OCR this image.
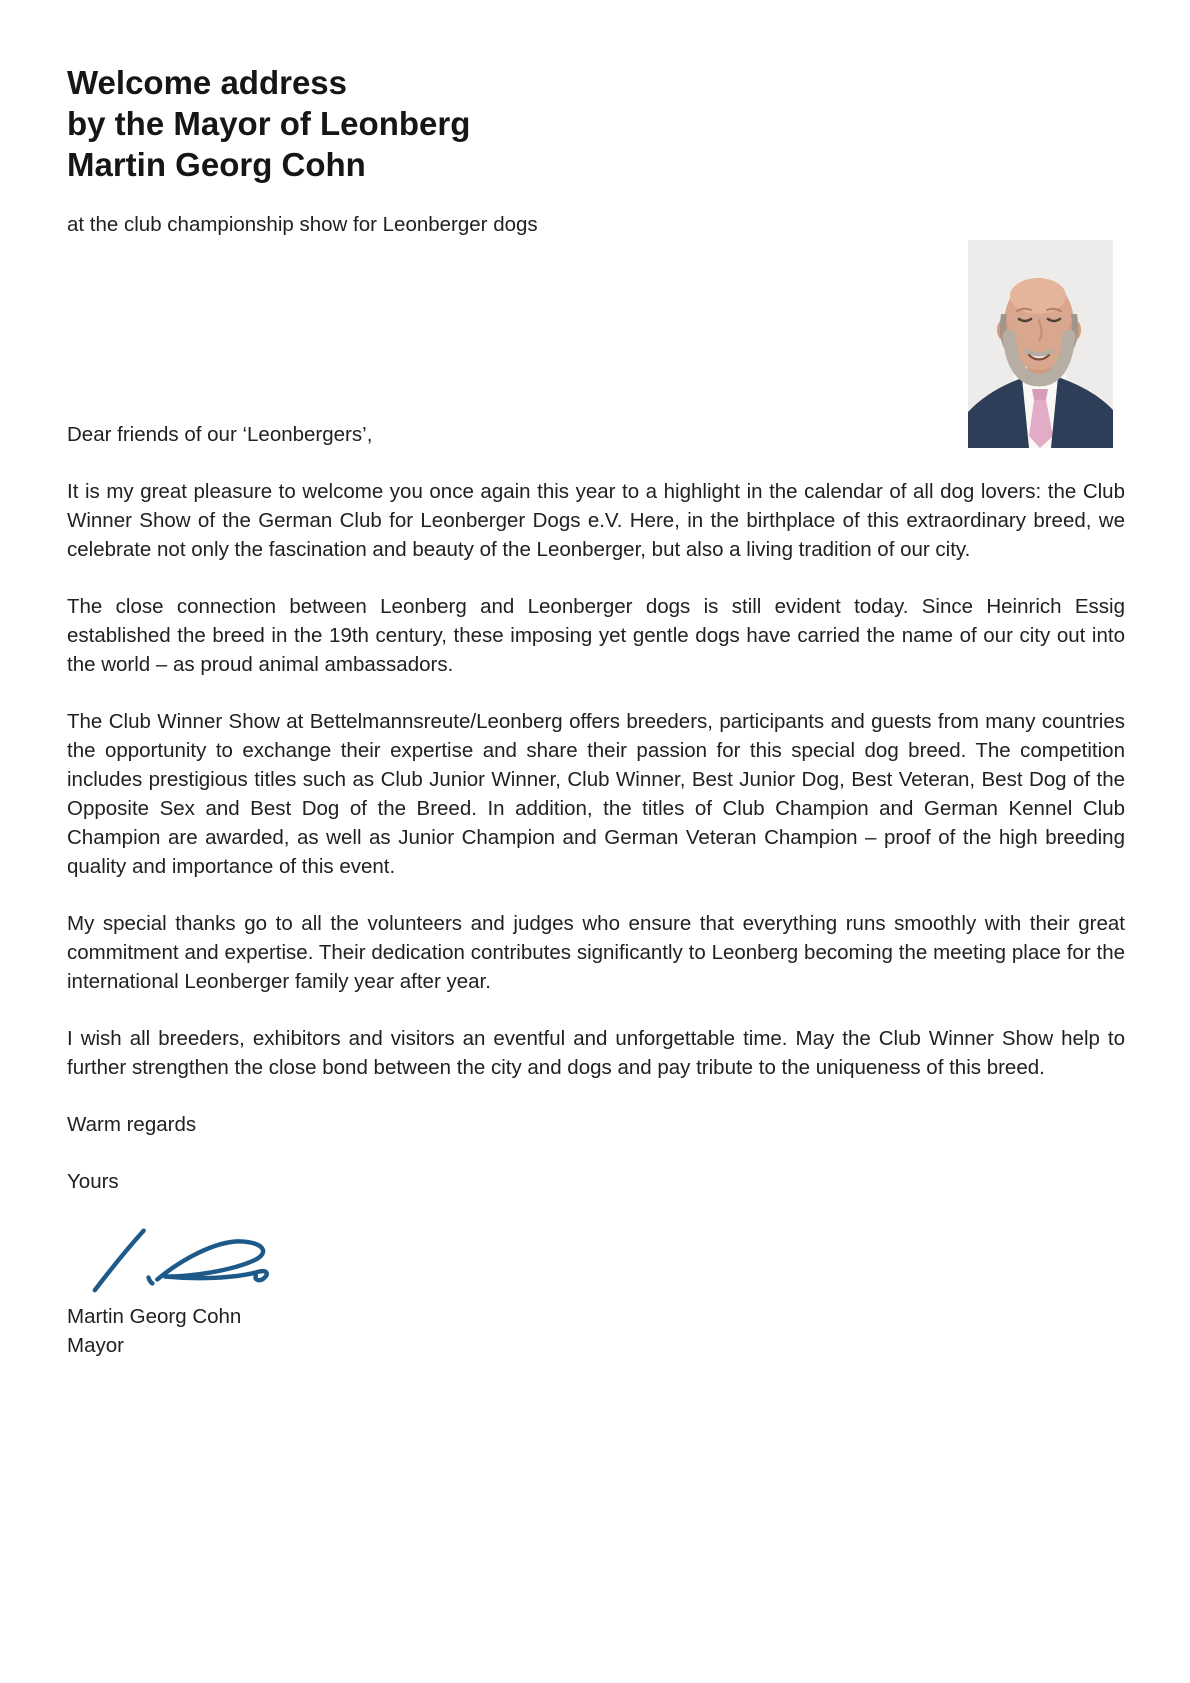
Welcome address
by the Mayor of Leonberg
Martin Georg Cohn

at the club championship show for Leonberger dogs

Dear friends of our ‘Leonbergers’,

It is my great pleasure to welcome you once again this year to a highlight in the calendar of all dog lovers: the Club Winner Show of the German Club for Leonberger Dogs e.V. Here, in the birthplace of this extraordinary breed, we celebrate not only the fascination and beauty of the Leonberger, but also a living tradition of our city.

The close connection between Leonberg and Leonberger dogs is still evident today. Since Heinrich Essig established the breed in the 19th century, these imposing yet gentle dogs have carried the name of our city out into the world – as proud animal ambassadors.

The Club Winner Show at Bettelmannsreute/Leonberg offers breeders, participants and guests from many countries the opportunity to exchange their expertise and share their passion for this special dog breed. The competition includes prestigious titles such as Club Junior Winner, Club Winner, Best Junior Dog, Best Veteran, Best Dog of the Opposite Sex and Best Dog of the Breed. In addition, the titles of Club Champion and German Kennel Club Champion are awarded, as well as Junior Champion and German Veteran Champion – proof of the high breeding quality and importance of this event.

My special thanks go to all the volunteers and judges who ensure that everything runs smoothly with their great commitment and expertise. Their dedication contributes significantly to Leonberg becoming the meeting place for the international Leonberger family year after year.

I wish all breeders, exhibitors and visitors an eventful and unforgettable time. May the Club Winner Show help to further strengthen the close bond between the city and dogs and pay tribute to the uniqueness of this breed.

Warm regards

Yours

Martin Georg Cohn

Mayor
